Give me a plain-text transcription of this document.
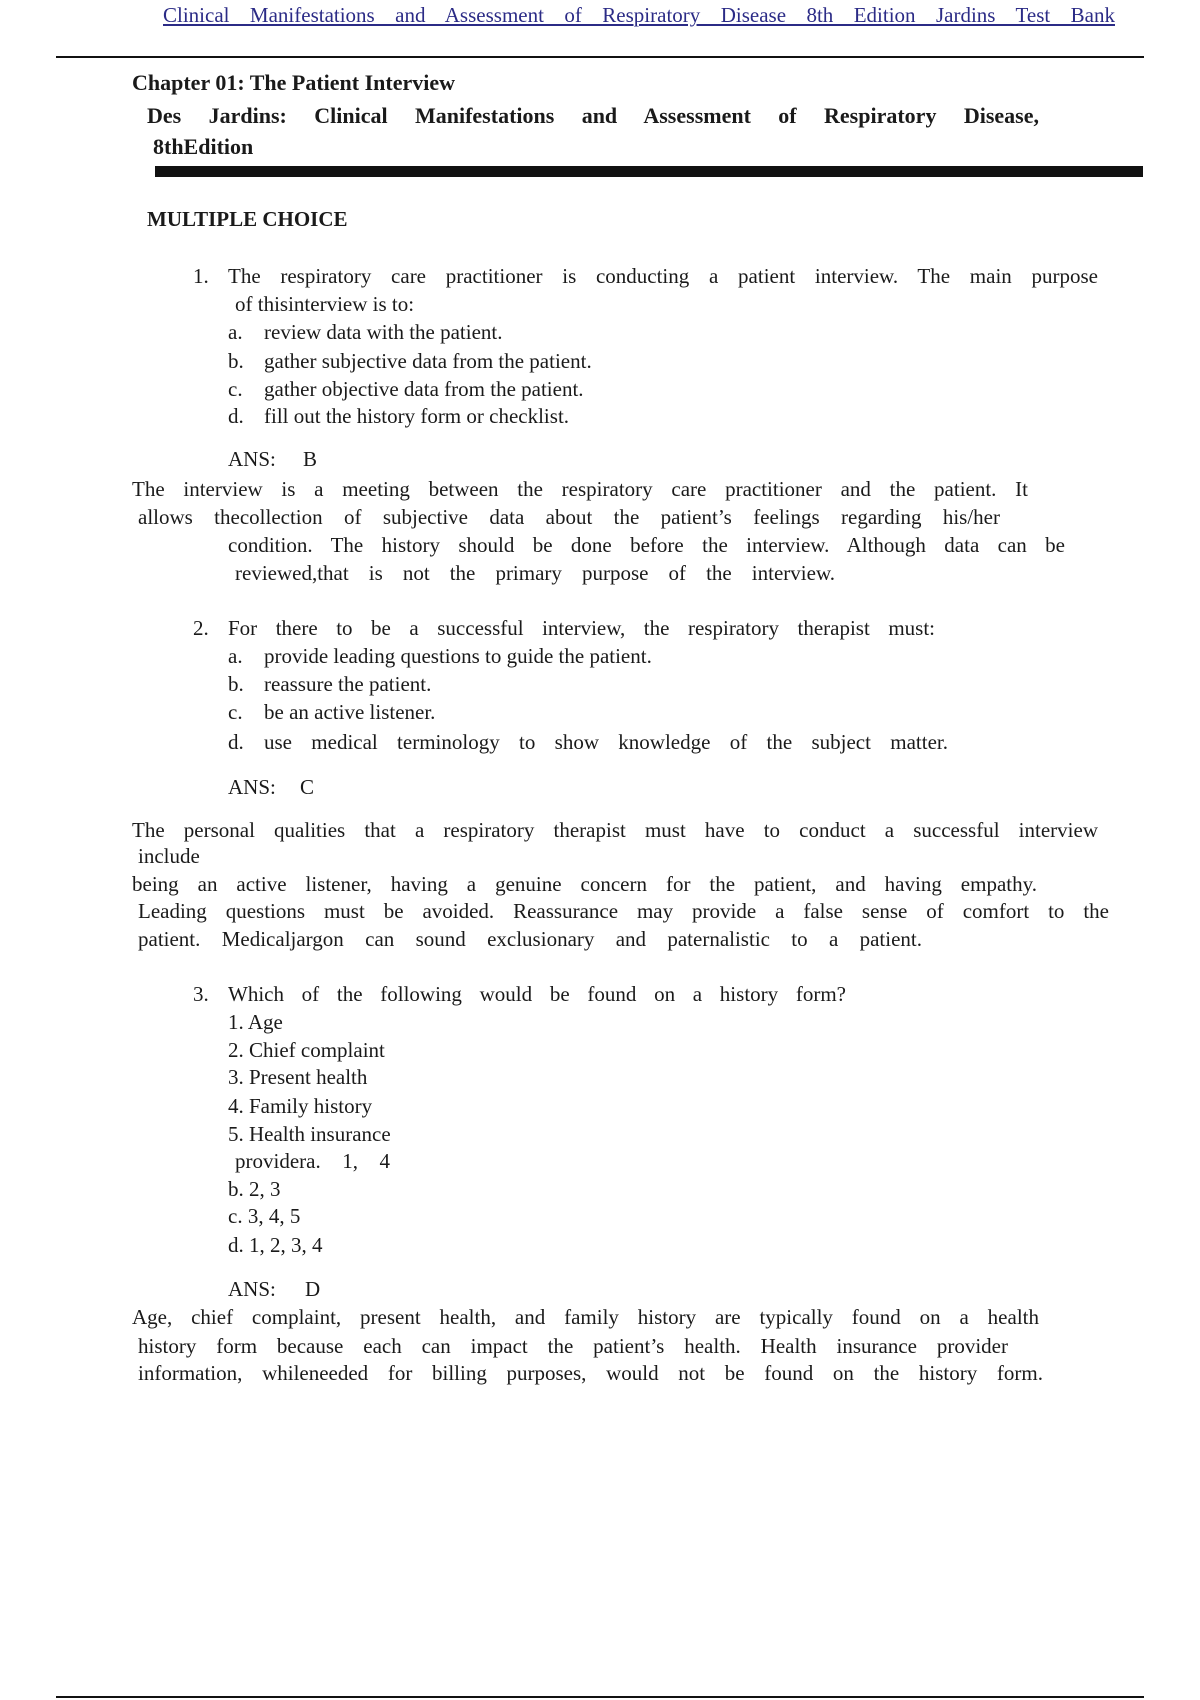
Clinical Manifestations and Assessment of Respiratory Disease 8th Edition Jardins Test Bank
Chapter 01: The Patient Interview
Des Jardins: Clinical Manifestations and Assessment of Respiratory Disease,
8thEdition
MULTIPLE CHOICE
1. The respiratory care practitioner is conducting a patient interview. The main purpose
of thisinterview is to:
a. review data with the patient.
b. gather subjective data from the patient.
c. gather objective data from the patient.
d. fill out the history form or checklist.
ANS: B
The interview is a meeting between the respiratory care practitioner and the patient. It
allows thecollection of subjective data about the patient’s feelings regarding his/her
condition. The history should be done before the interview. Although data can be
reviewed,that is not the primary purpose of the interview.
2. For there to be a successful interview, the respiratory therapist must:
a. provide leading questions to guide the patient.
b. reassure the patient.
c. be an active listener.
d. use medical terminology to show knowledge of the subject matter.
ANS: C
The personal qualities that a respiratory therapist must have to conduct a successful interview
include
being an active listener, having a genuine concern for the patient, and having empathy.
Leading questions must be avoided. Reassurance may provide a false sense of comfort to the
patient. Medicaljargon can sound exclusionary and paternalistic to a patient.
3. Which of the following would be found on a history form?
1. Age
2. Chief complaint
3. Present health
4. Family history
5. Health insurance
providera. 1, 4
b. 2, 3
c. 3, 4, 5
d. 1, 2, 3, 4
ANS: D
Age, chief complaint, present health, and family history are typically found on a health
history form because each can impact the patient’s health. Health insurance provider
information, whileneeded for billing purposes, would not be found on the history form.
